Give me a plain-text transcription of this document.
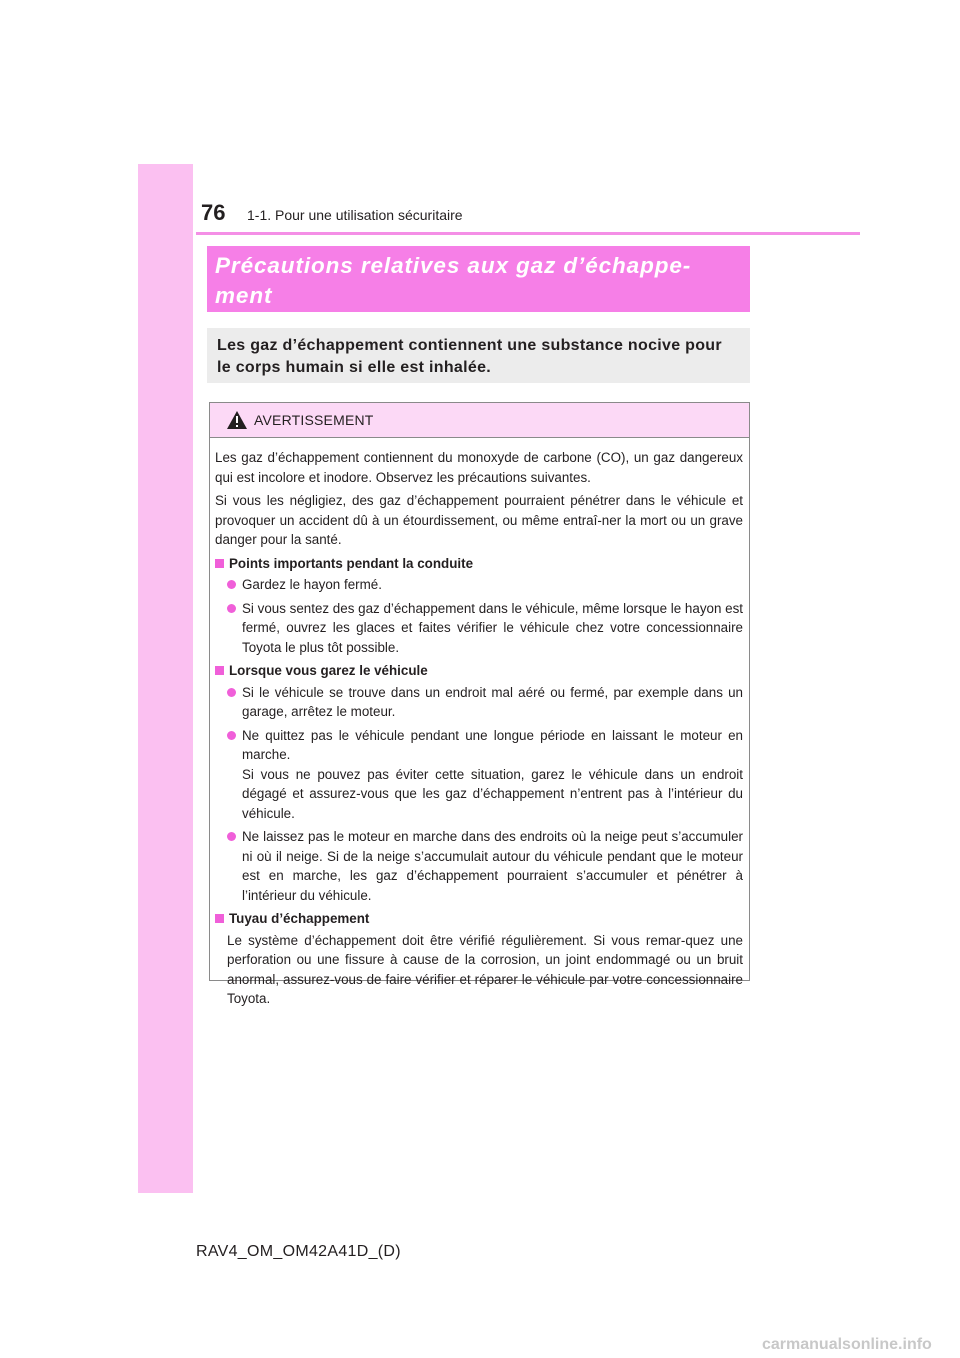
76 1-1. Pour une utilisation sécuritaire
Précautions relatives aux gaz d’échappe-
ment
Les gaz d’échappement contiennent une substance nocive pour
le corps humain si elle est inhalée.
AVERTISSEMENT

Les gaz d’échappement contiennent du monoxyde de carbone (CO), un gaz dangereux qui est incolore et inodore. Observez les précautions suivantes.

Si vous les négligiez, des gaz d’échappement pourraient pénétrer dans le véhicule et provoquer un accident dû à un étourdissement, ou même entraî-ner la mort ou un grave danger pour la santé.

Points importants pendant la conduite
Gardez le hayon fermé.
Si vous sentez des gaz d’échappement dans le véhicule, même lorsque le hayon est fermé, ouvrez les glaces et faites vérifier le véhicule chez votre concessionnaire Toyota le plus tôt possible.
Lorsque vous garez le véhicule
Si le véhicule se trouve dans un endroit mal aéré ou fermé, par exemple dans un garage, arrêtez le moteur.
Ne quittez pas le véhicule pendant une longue période en laissant le moteur en marche.
Si vous ne pouvez pas éviter cette situation, garez le véhicule dans un endroit dégagé et assurez-vous que les gaz d’échappement n’entrent pas à l’intérieur du véhicule.
Ne laissez pas le moteur en marche dans des endroits où la neige peut s’accumuler ni où il neige. Si de la neige s’accumulait autour du véhicule pendant que le moteur est en marche, les gaz d’échappement pourraient s’accumuler et pénétrer à l’intérieur du véhicule.
Tuyau d’échappement

Le système d’échappement doit être vérifié régulièrement. Si vous remar-quez une perforation ou une fissure à cause de la corrosion, un joint endommagé ou un bruit anormal, assurez-vous de faire vérifier et réparer le véhicule par votre concessionnaire Toyota.

RAV4_OM_OM42A41D_(D)
carmanualsonline.info
